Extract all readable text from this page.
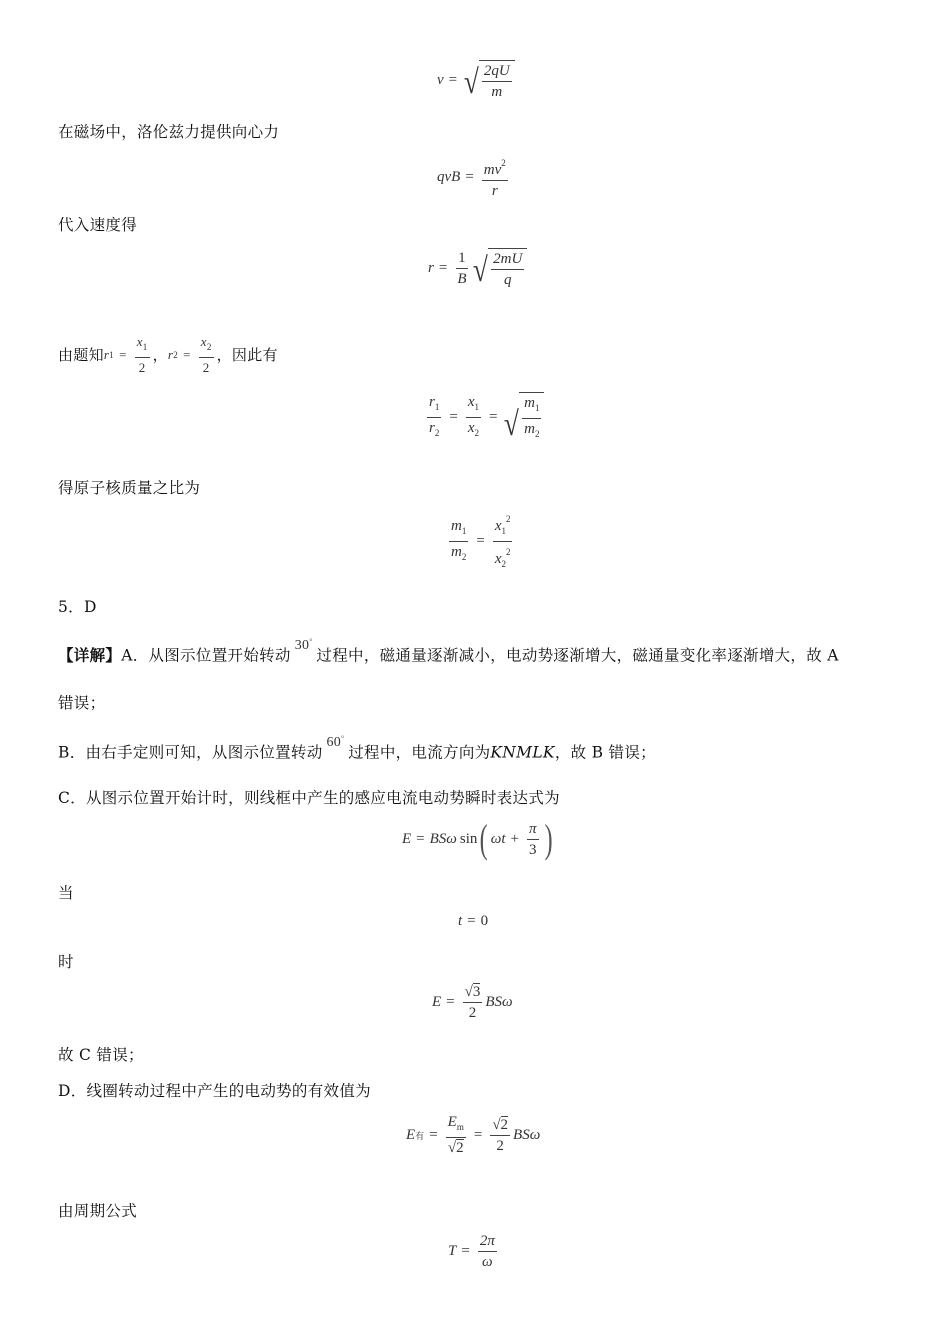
v = √ $\frac{2qU}{m}$
在磁场中，洛伦兹力提供向心力
qvB = $\frac{mv^2}{r}$
代入速度得
$r = \frac{1}{B}$ √ $\frac{2mU}{q}$
由题知 r $1 = \frac{x_1}{2}$ ， r $2 = \frac{x_2}{2}$ ，因此有
$\frac{r_1}{r_2} = \frac{x_1}{x_2}$ = √ $\frac{m_1}{m_2}$
得原子核质量之比为
$\frac{m_1}{m_2} = \frac{x_1^2}{x_2^2}$
5．D
【详解】A．从图示位置开始转动30°过程中，磁通量逐渐减小，电动势逐渐增大，磁通量变化率逐渐增大，故 A
错误；
B．由右手定则可知，从图示位置转动60°过程中，电流方向为KNMLK，故 B 错误；
C．从图示位置开始计时，则线框中产生的感应电流电动势瞬时表达式为
E = BSω sin ( $\omega t + \frac{\pi}{3}$ )
当
t = 0
时
$E = \frac{√3}{2}$ BSω
故 C 错误；
D．线圈转动过程中产生的电动势的有效值为
E 有 = $\frac{E_m}{√2} = \frac{√2}{2}$ BSω
由周期公式
$T = \frac{2\pi}{\omega}$
